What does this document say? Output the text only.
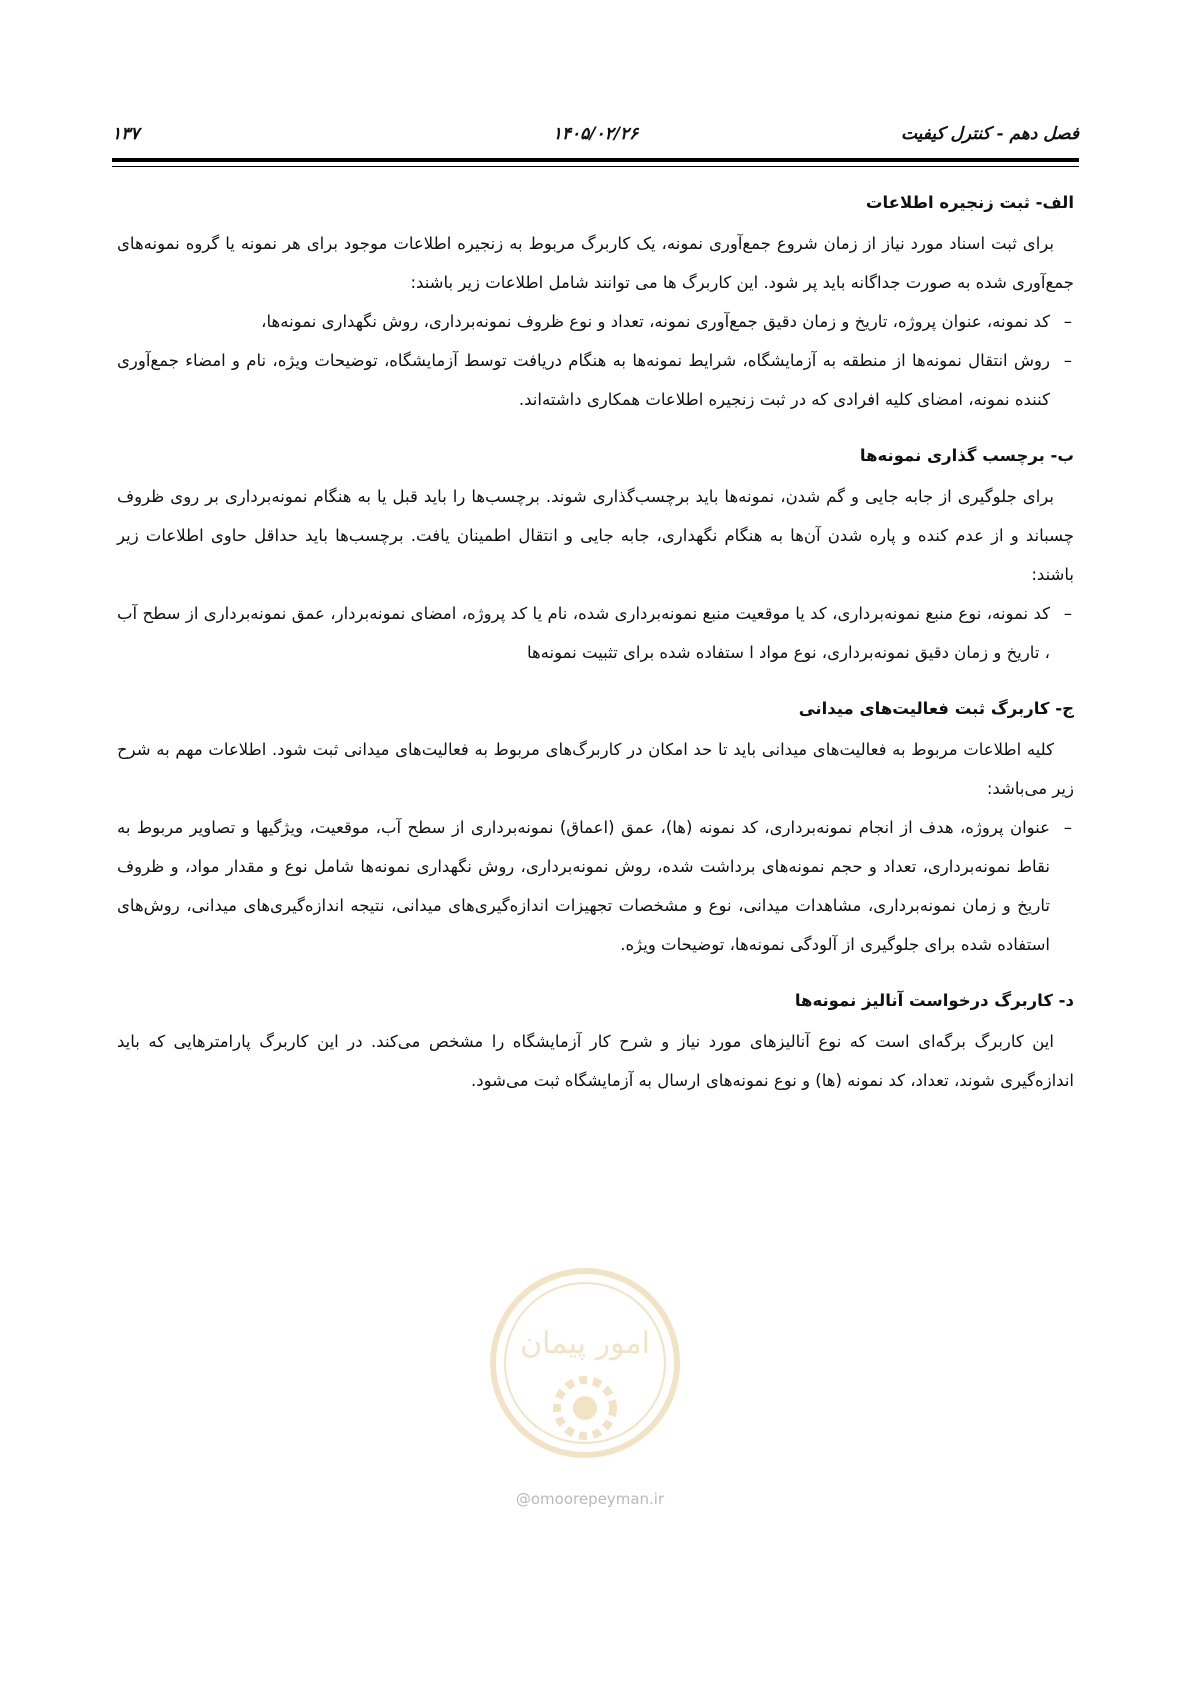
فصل دهم - کنترل کیفیت
۱۴۰۵/۰۲/۲۶
۱۳۷
الف- ثبت زنجیره اطلاعات

برای ثبت اسناد مورد نیاز از زمان شروع جمع‌آوری نمونه، یک کاربرگ مربوط به زنجیره اطلاعات موجود برای هر نمونه یا گروه نمونه‌های جمع‌آوری شده به صورت جداگانه باید پر شود. این کاربرگ ها می توانند شامل اطلاعات زیر باشند:

– کد نمونه، عنوان پروژه، تاریخ و زمان دقیق جمع‌آوری نمونه، تعداد و نوع ظروف نمونه‌برداری، روش نگهداری نمونه‌ها،
– روش انتقال نمونه‌ها از منطقه به آزمایشگاه، شرایط نمونه‌ها به هنگام دریافت توسط آزمایشگاه، توضیحات ویژه، نام و امضاء جمع‌آوری کننده نمونه، امضای کلیه افرادی که در ثبت زنجیره اطلاعات همکاری داشته‌اند.
ب- برچسب گذاری نمونه‌ها

برای جلوگیری از جابه جایی و گم شدن، نمونه‌ها باید برچسب‌گذاری شوند. برچسب‌ها را باید قبل یا به هنگام نمونه‌برداری بر روی ظروف چسباند و از عدم کنده و پاره شدن آن‌ها به هنگام نگهداری، جابه جایی و انتقال اطمینان یافت. برچسب‌ها باید حداقل حاوی اطلاعات زیر باشند:

– کد نمونه، نوع منبع نمونه‌برداری، کد یا موقعیت منبع نمونه‌برداری شده، نام یا کد پروژه، امضای نمونه‌بردار، عمق نمونه‌برداری از سطح آب ، تاریخ و زمان دقیق نمونه‌برداری، نوع مواد ا ستفاده شده برای تثبیت نمونه‌ها
ج- کاربرگ ثبت فعالیت‌های میدانی

کلیه اطلاعات مربوط به فعالیت‌های میدانی باید تا حد امکان در کاربرگ‌های مربوط به فعالیت‌های میدانی ثبت شود. اطلاعات مهم به شرح زیر می‌باشد:

– عنوان پروژه، هدف از انجام نمونه‌برداری، کد نمونه (ها)، عمق (اعماق) نمونه‌برداری از سطح آب، موقعیت، ویژگیها و تصاویر مربوط به نقاط نمونه‌برداری، تعداد و حجم نمونه‌های برداشت شده، روش نمونه‌برداری، روش نگهداری نمونه‌ها شامل نوع و مقدار مواد، و ظروف تاریخ و زمان نمونه‌برداری، مشاهدات میدانی، نوع و مشخصات تجهیزات اندازه‌گیری‌های میدانی، نتیجه اندازه‌گیری‌های میدانی، روش‌های استفاده شده برای جلوگیری از آلودگی نمونه‌ها، توضیحات ویژه.
د- کاربرگ درخواست آنالیز نمونه‌ها

این کاربرگ برگه‌ای است که نوع آنالیزهای مورد نیاز و شرح کار آزمایشگاه را مشخص می‌کند. در این کاربرگ پارامترهایی که باید اندازه‌گیری شوند، تعداد، کد نمونه (ها) و نوع نمونه‌های ارسال به آزمایشگاه ثبت می‌شود.

امور پیمان
@omoorepeyman.ir
